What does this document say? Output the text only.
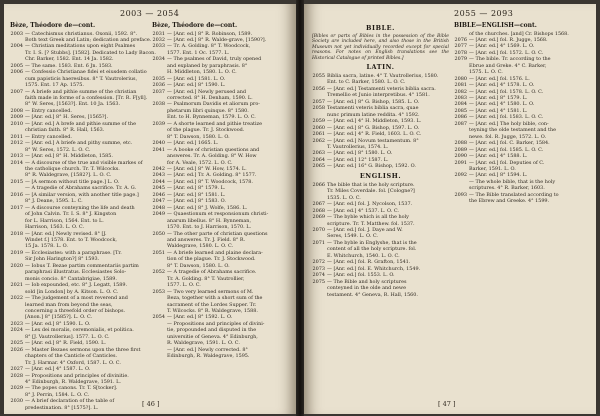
2003 — 2054
Bèze, Théodore de—cont.
2003 — Catechismus christianus. Oxonii, 1592. 8°.
Both text Greek and Latin; dedication and preface.
2004 — Christian meditations upon eight Psalmes
Tr. I. S. [? Stubbs]. [1582]. Dedicated to Lady Bacon.
Chr. Barker, 1582. Ent. 14 Ja. 1582.
2005 — The same. 1583. Ent. 6 Jn. 1583.
2006 — Confessio Christianae fidei et eiusdem collatio
cum papisticis haeresibus. 8° T. Vautrolerius,
1575. Ent. 17 Ap. 1575.
2007 — A briefe and pithie summe of the christian
faith made in forme of a confession. [Tr. R. F[yll].
8° W. Seres, [1563?]. Ent. 10 Ja. 1563.
2008 — Entry cancelled.
2009 — [Anr. ed.] 8° H. Seres, [1565?].
2010 — [Anr. ed.] A brefe and pithie summe of the
christian faith. 8° R. Hall, 1563.
2011 — Entry cancelled.
2012 — [Anr. ed.] A briefe and pithy summe, etc.
8° W. Seres, 1572. L. O. C.
2013 — [Anr. ed.] 8° H. Middleton, 1585.
2014 — A discourse of the true and visible markes of
the catholique church. Tr. T. Wilcocks.
8° R. Waldegrave, [1582?]. L. O. C.
2015 — [A sermon without title page.] L. O.
— A tragedie of Abrahams sacrifice. Tr. A. G.
2016 — [A similar version, with another title page.]
8° J. Deane, 1595. L. C.
2017 — A discourse conteyning the life and death
of John Calvin. Tr. I. S. 8° J. Kingston
for L. Harrison, 1564. Ent. to L.
Harrison, 1563. L. O. C.
2018 — [Anr. ed.] Newly revised. 8° [J.
Windet f.] 1578. Ent. to T. Woodcock,
15 Ja. 1578. L. O.
2019 — Ecclesiastes: with a paraphrase. [Tr.
Sir John Harington?] 8° 1593.
2020 — Iobus T. Bezae partim commentariis partim
paraphrasi illustratus. Ecclesiastes Solo-
monis concio. 8° Cantabrigiae, 1589.
2021 — Iob expounded, etc. 8° J. Legatt, 1589.
sold [in London] by A. Kitson. L. O. C.
2022 — The judgement of a most reverend and
learned man from beyond the seas,
concerning a threefold order of bishops.
[Anon.] 8° [1585?]. L. O. C.
2023 — [Anr. ed.] 8° 1590. L. O.
2024 — Lex dei moralis, ceremonialis, et politica.
8° [J. Vautrollerius]. 1577. L. O. C.
2025 — [Anr. ed.] 8° R. Field, 1590. L.
2026 — Master Bezaes sermons upon the three first
chapters of the Canticle of Canticles.
Tr. J. Harmar. 4° Oxford, 1587. L. O. C.
2027 — [Anr. ed.] 4° 1587. L. O.
2028 — Propositions and principles of divinitie.
4° Edinburgh, R. Waldegrave, 1591. L.
2029 — The popes canons. Tr. T. S[tocker].
8° J. Perrin, 1584. L. O. C.
2030 — A brief declaration of the table of
predestination. 8° [1575?]. L.
Bèze, Théodore de—cont.
2031 — [Anr. ed.] 8° R. Robinson, 1589.
2032 — [Anr. ed.] 8° R. Walde-grave, [1590?].
2033 — Tr. A. Golding. 8° T. Woodcock,
1577. Ent. 1 Oc. 1577. L.
2034 — The psalmes of David, truly opened
and explaned by paraphrasis. 8°
H. Middleton, 1580. L. O. C.
2035 — [Anr. ed.] 1581. L. O.
2036 — [Anr. ed.] 8° 1590. L.
2037 — [Anr. ed.] Newly perused and
corrected. 8° H. Denham, 1590. L.
2038 — Psalmorum Davidis et aliorum pro-
phetarum libri quinque. 8° 1580.
Ent. to H. Bynneman, 1579. L. O. C.
2039 — A shorte learned and pithie treatize
of the plague. Tr. J. Stockwood.
8° T. Dawson, 1580. L. O.
2040 — [Anr. ed.] 1665. L.
2041 — A booke of christian questions and
answeres. Tr. A. Golding. 8° W. How
for A. Veale, 1572. L. O. C.
2042 — [Anr. ed.] 8° W. How, 1574. L.
2043 — [Anr. ed.] Tr. A. Golding. 8° 1577.
2044 — [Anr. ed.] 8° T. Woodcock, 1578.
2045 — [Anr. ed.] 8° 1579. L.
2046 — [Anr. ed.] 8° 1581. L.
2047 — [Anr. ed.] 8° 1583. O.
2048 — [Anr. ed.] 8° J. Wolfe, 1586. L.
2049 — Quaestionum et responsionum christi-
anarum libellus. 8° H. Bynneman,
1570. Ent. to J. Harrison, 1570. L.
2050 — The other parte of christian questions
and answeres. Tr. J. Field. 8° R.
Waldegrave, 1580. L. O. C.
2051 — A briefe learned and plaine declara-
tion of the plague. Tr. J. Stockwood.
8° T. Dawson, 1580. L. O.
2052 — A tragedie of Abrahams sacrifice.
Tr. A. Golding. 8° T. Vautrollier,
1577. L. O. C.
2053 — Two very learned sermons of M.
Beza, together with a short sum of the
sacrament of the Lordes Supper. Tr.
T. Wilcocks. 8° R. Waldegrave, 1588.
2054 — [Anr. ed.] 8° 1592. L. O.
— Propositions and principles of divini-
tie, propounded and disputed in the
universitie of Geneva. 4° Edinburgh,
R. Waldegrave, 1591. L. O. C.
— [Anr. ed.] Newly corrected. 8°
Edinburgh, R. Waldegrave, 1595.
[ 46 ]
2055 — 2093
BIBLE.
[Bibles or parts of Bibles in the possession of the Bible Society are included here, and also those in the British Museum not yet individually recorded except for special reasons. For notes on English translations see the Historical Catalogue of printed Bibles.]
LATIN.
2055 Biblia sacra, latine. 4° T. Vautrollerius, 1580.
Ent. to C. Barker, 1580. L. O. C.
2056 — [Anr. ed.] Testamenti veteris biblia sacra.
Tremellio et Junio interpretibus. 4° 1581.
2057 — [Anr. ed.] 8° G. Bishop, 1585. L. O.
2058 Testamenti veteris biblia sacra, quae
nunc primum latine reddita. 4° 1592.
2059 — [Anr. ed.] 4° H. Middleton, 1593. L.
2060 — [Anr. ed.] 8° G. Bishop, 1597. L. O.
2061 — [Anr. ed.] 4° R. Field, 1603. L. O. C.
2062 — [Anr. ed.] Novum testamentum. 8°
T. Vautrollerius, 1574. L.
2063 — [Anr. ed.] 8° 1580. L. O.
2064 — [Anr. ed.] 12° 1587. L.
2065 — [Anr. ed.] 16° G. Bishop, 1592. O.
ENGLISH.
2066 The bible that is the holy scripture.
Tr. Miles Coverdale. fol. [Cologne?]
1535. L. O. C.
2067 — [Anr. ed.] fol. J. Nycolson, 1537.
2068 — [Anr. ed.] 4° 1537. L. O. C.
2069 — The byble which is all the holy
scripture. Tr. T. Matthew. fol. 1537.
2070 — [Anr. ed.] fol. J. Daye and W.
Seres, 1549. L. O. C.
2071 — The byble in Englyshe, that is the
content of all the holy scripture. fol.
E. Whitchurch, 1540. L. O. C.
2072 — [Anr. ed.] fol. R. Grafton, 1541.
2073 — [Anr. ed.] fol. E. Whitchurch, 1549.
2074 — [Anr. ed.] fol. 1553. L. O.
2075 — The Bible and holy scriptures
conteyned in the olde and newe
testament. 4° Geneva, R. Hall, 1560.
BIBLE—ENGLISH—cont.
of the churches. [and] Cr. Bishops 1568.
2076 — [Anr. ed.] fol. R. Jugge, 1568.
2077 — [Anr. ed.] 4° 1569. L. O.
2078 — [Anr. ed.] fol. 1572. L. O. C.
2079 — The bible. Tr. according to the
Ebrue and Greke. 4° C. Barker,
1575. L. O. C.
2080 — [Anr. ed.] fol. 1576. L.
2081 — [Anr. ed.] 4° 1578. L. O.
2082 — [Anr. ed.] fol. 1578. L. O. C.
2083 — [Anr. ed.] 8° 1579. L.
2084 — [Anr. ed.] 4° 1580. L. O.
2085 — [Anr. ed.] 4° 1581. L.
2086 — [Anr. ed.] fol. 1583. L. O. C.
2087 — [Anr. ed.] The holy bible, con-
teyning the olde testament and the
newe. fol. R. Jugge, 1572. L. O.
2088 — [Anr. ed.] fol. C. Barker, 1584.
2089 — [Anr. ed.] fol. 1585. L. O. C.
2090 — [Anr. ed.] 4° 1588. L.
2091 — [Anr. ed.] fol. Deputies of C.
Barker, 1591. L. O.
2092 — [Anr. ed.] 8° 1594. L.
— The whole bible, that is the holy
scriptures. 4° R. Barker, 1603.
2093 — The Bible translated according to
the Ebrew and Greeke. 4° 1599.
[ 47 ]
